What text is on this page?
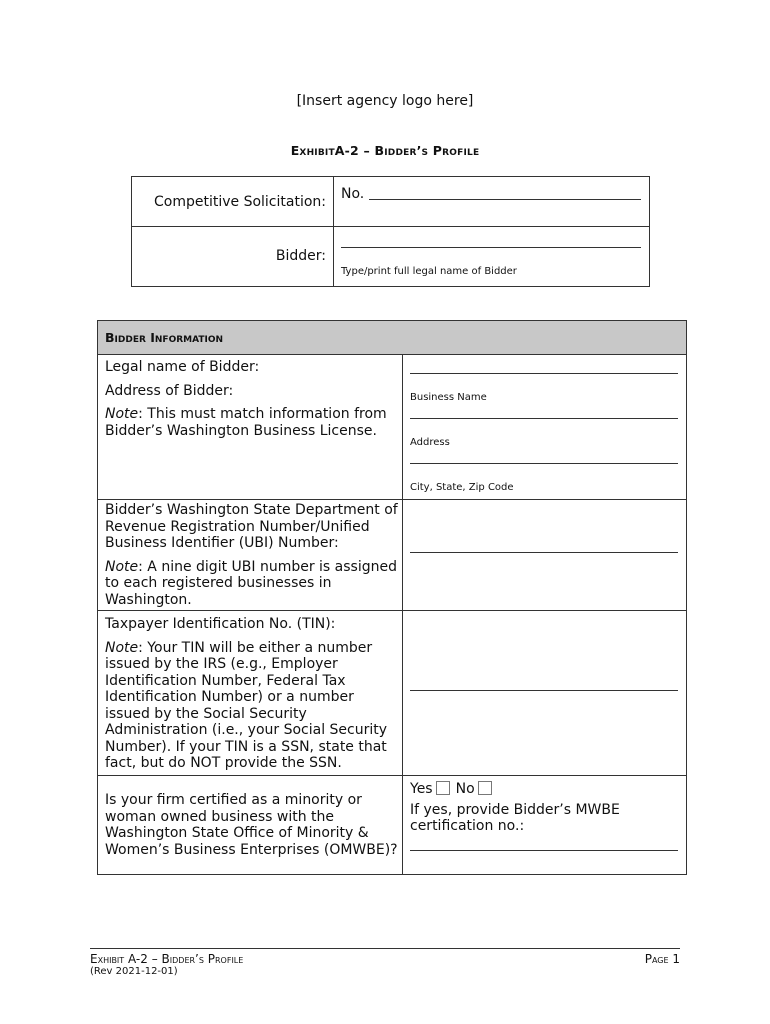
[Insert agency logo here]
ExhibitA-2 – Bidder’s Profile
Competitive Solicitation: No.
Bidder:
Type/print full legal name of Bidder
Bidder Information

Legal name of Bidder:

Address of Bidder:

Note: This must match information from Bidder’s Washington Business License.

Business Name
Address
City, State, Zip Code

Bidder’s Washington State Department of Revenue Registration Number/Unified Business Identifier (UBI) Number:

Note: A nine digit UBI number is assigned to each registered businesses in Washington.

Taxpayer Identification No. (TIN):

Note: Your TIN will be either a number issued by the IRS (e.g., Employer Identification Number, Federal Tax Identification Number) or a number issued by the Social Security Administration (i.e., your Social Security Number). If your TIN is a SSN, state that fact, but do NOT provide the SSN.

Is your firm certified as a minority or woman owned business with the Washington State Office of Minority & Women’s Business Enterprises (OMWBE)?

Yes No
If yes, provide Bidder’s MWBE certification no.:
Exhibit A-2 – Bidder’s Profile	Page 1
(Rev 2021-12-01)
